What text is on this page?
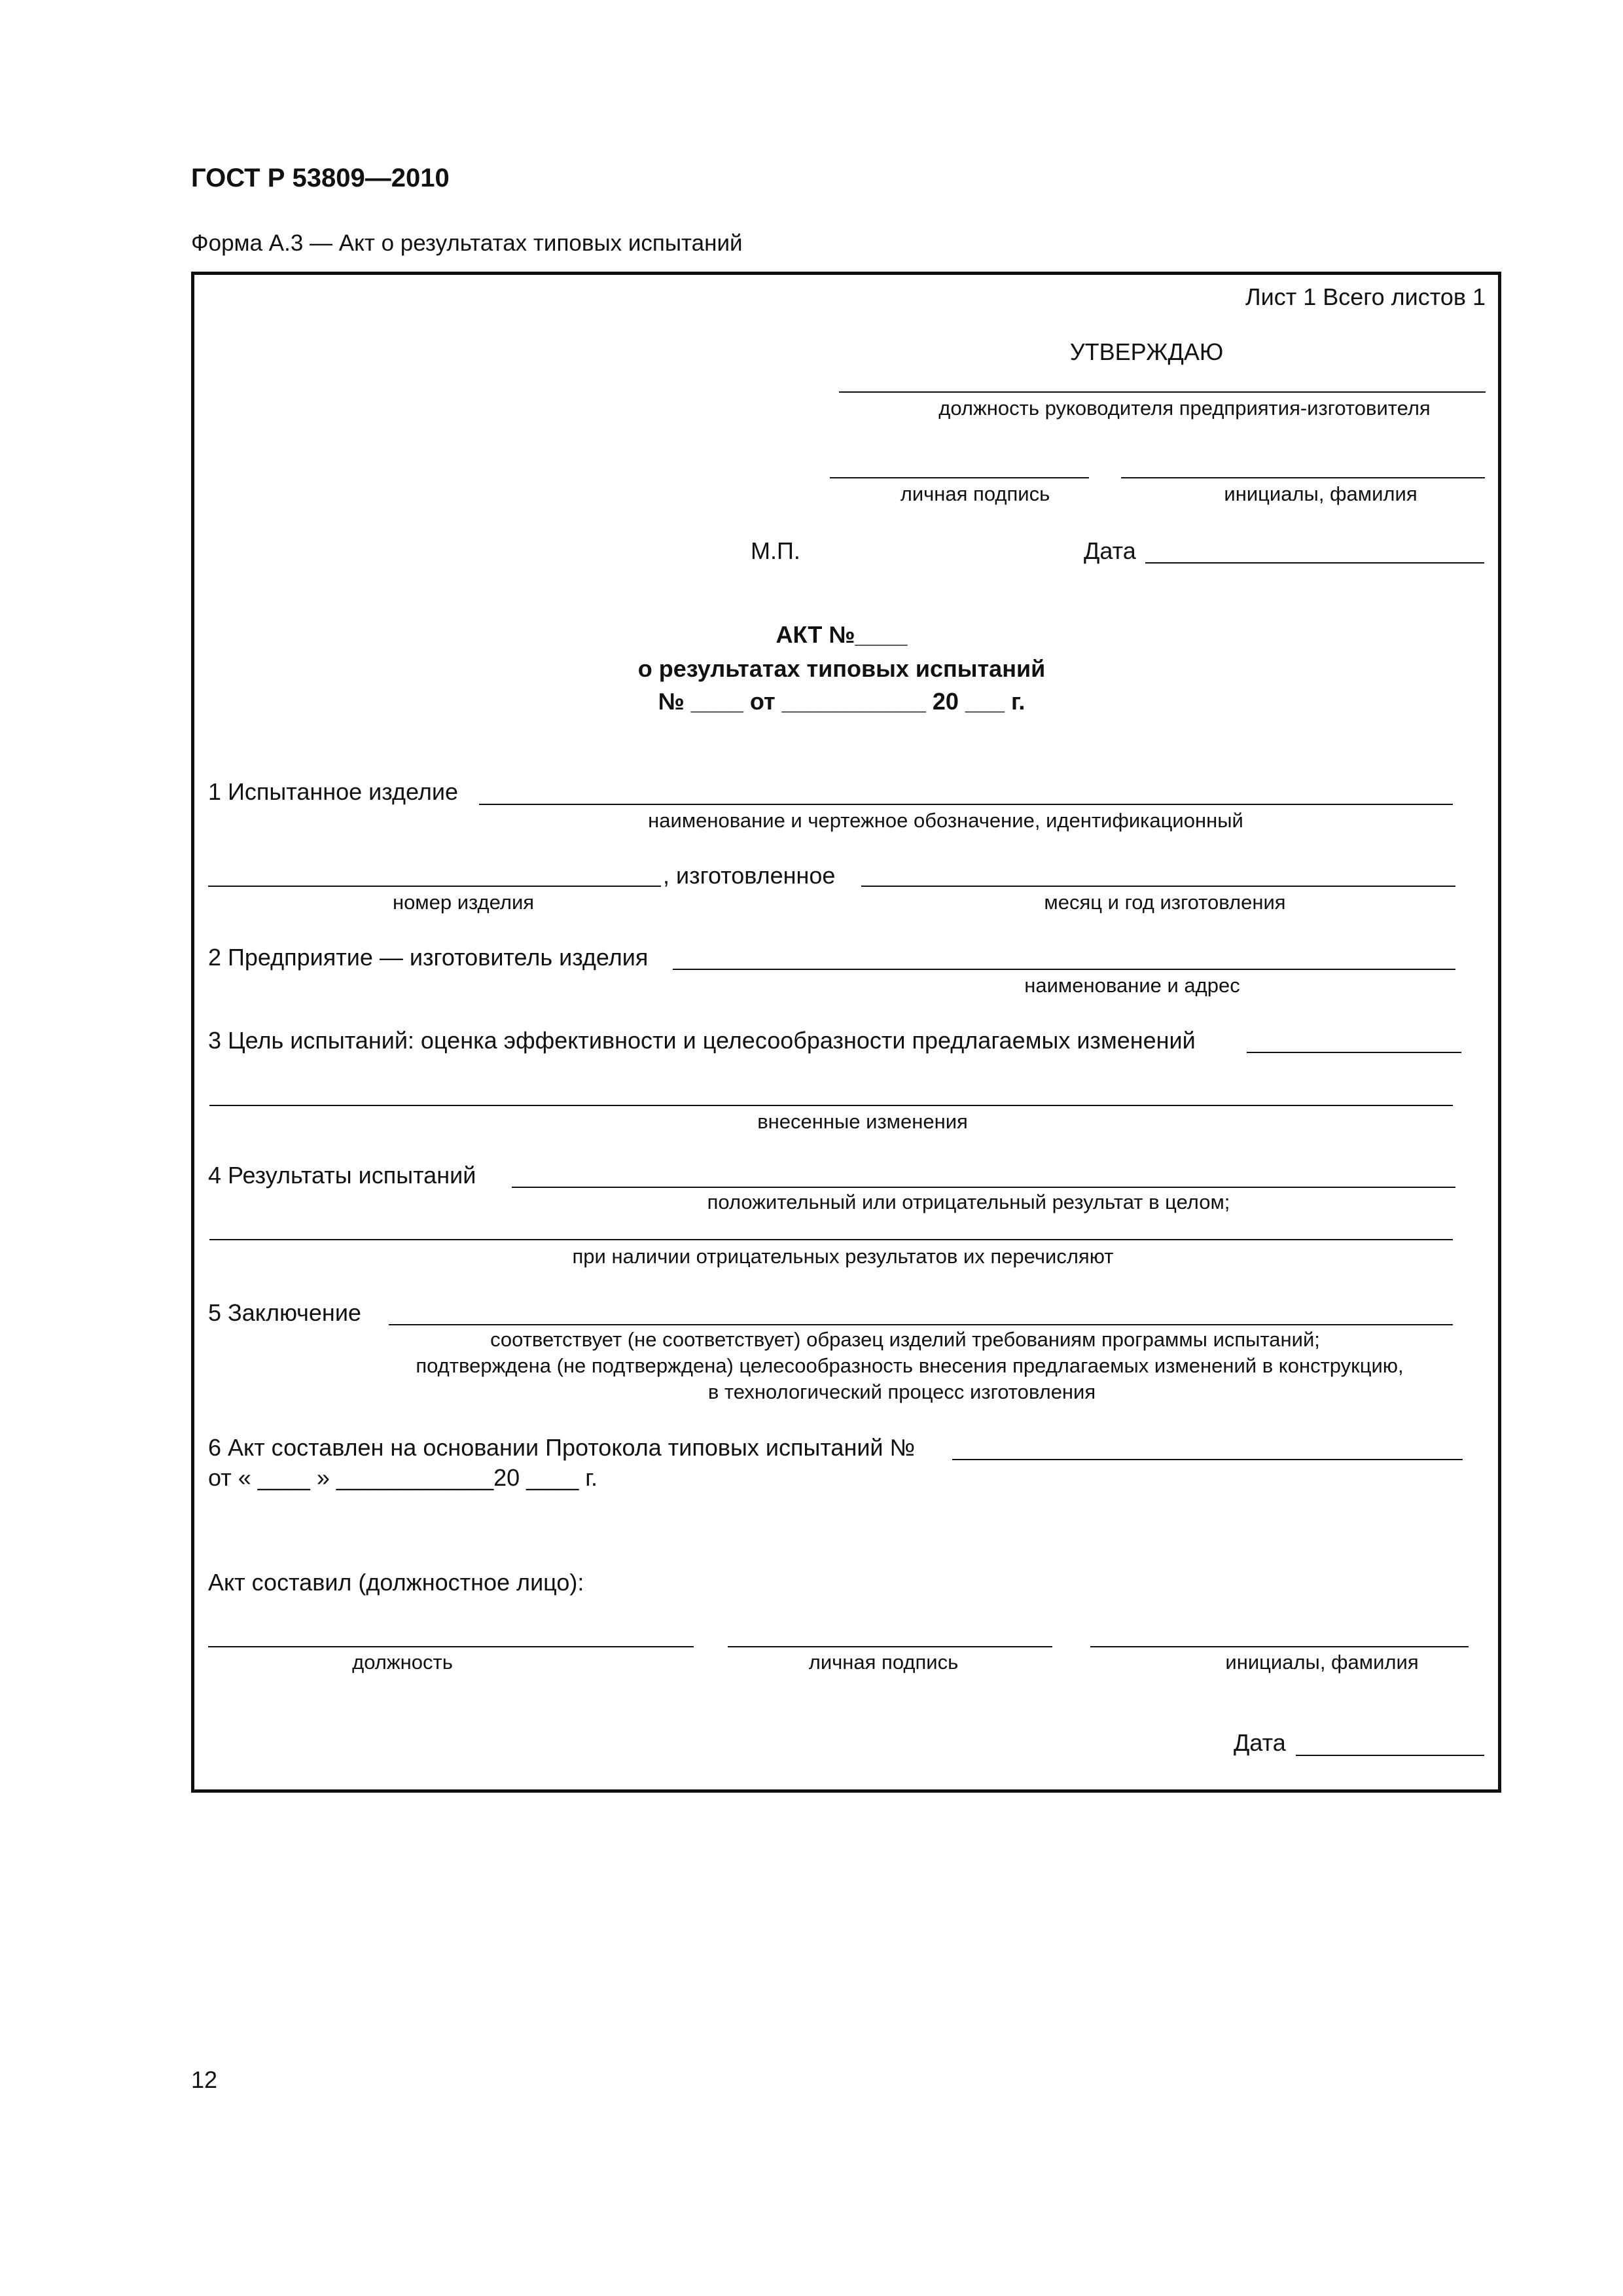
ГОСТ Р 53809—2010
Форма А.3 — Акт о результатах типовых испытаний
Лист 1 Всего листов 1
УТВЕРЖДАЮ
должность руководителя предприятия-изготовителя
личная подпись	инициалы, фамилия
М.П.	Дата
АКТ №____
о результатах типовых испытаний
№ ____ от ___________ 20 ___ г.
1 Испытанное изделие
наименование и чертежное обозначение, идентификационный
, изготовленное
номер изделия	месяц и год изготовления
2 Предприятие — изготовитель изделия
наименование и адрес
3 Цель испытаний: оценка эффективности и целесообразности предлагаемых изменений
внесенные изменения
4 Результаты испытаний
положительный или отрицательный результат в целом;
при наличии отрицательных результатов их перечисляют
5 Заключение
соответствует (не соответствует) образец изделий требованиям программы испытаний;
подтверждена (не подтверждена) целесообразность внесения предлагаемых изменений в конструкцию,
в технологический процесс изготовления
6 Акт составлен на основании Протокола типовых испытаний №
от « ____ » ____________20 ____ г.
Акт составил (должностное лицо):
должность	личная подпись	инициалы, фамилия
Дата
12
